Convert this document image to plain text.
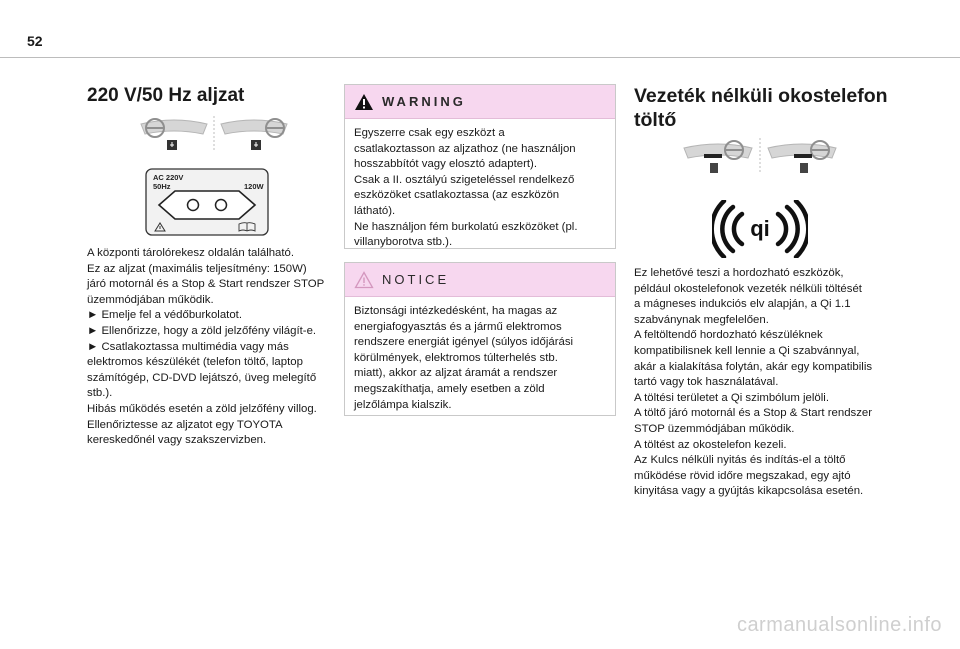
52
220 V/50 Hz aljzat
AC 220V
50Hz	120W
A központi tárolórekesz oldalán található.
Ez az aljzat (maximális teljesítmény: 150W)
járó motornál és a Stop & Start rendszer STOP
üzemmódjában működik.
► Emelje fel a védőburkolatot.
► Ellenőrizze, hogy a zöld jelzőfény világít-e.
► Csatlakoztassa multimédia vagy más
elektromos készülékét (telefon töltő, laptop
számítógép, CD-DVD lejátszó, üveg melegítő
stb.).
Hibás működés esetén a zöld jelzőfény villog.
Ellenőriztesse az aljzatot egy TOYOTA
kereskedőnél vagy szakszervizben.
WARNING
Egyszerre csak egy eszközt a
csatlakoztasson az aljzathoz (ne használjon
hosszabbítót vagy elosztó adaptert).
Csak a II. osztályú szigeteléssel rendelkező
eszközöket csatlakoztassa (az eszközön
látható).
Ne használjon fém burkolatú eszközöket (pl.
villanyborotva stb.).
NOTICE
Biztonsági intézkedésként, ha magas az
energiafogyasztás és a jármű elektromos
rendszere energiát igényel (súlyos időjárási
körülmények, elektromos túlterhelés stb.
miatt), akkor az aljzat áramát a rendszer
megszakíthatja, amely esetben a zöld
jelzőlámpa kialszik.
Vezeték nélküli okostelefon
töltő
qi
Ez lehetővé teszi a hordozható eszközök,
például okostelefonok vezeték nélküli töltését
a mágneses indukciós elv alapján, a Qi 1.1
szabványnak megfelelően.
A feltöltendő hordozható készüléknek
kompatibilisnek kell lennie a Qi szabvánnyal,
akár a kialakítása folytán, akár egy kompatibilis
tartó vagy tok használatával.
A töltési területet a Qi szimbólum jelöli.
A töltő járó motornál és a Stop & Start rendszer
STOP üzemmódjában működik.
A töltést az okostelefon kezeli.
Az Kulcs nélküli nyitás és indítás-el a töltő
működése rövid időre megszakad, egy ajtó
kinyitása vagy a gyújtás kikapcsolása esetén.
carmanualsonline.info
